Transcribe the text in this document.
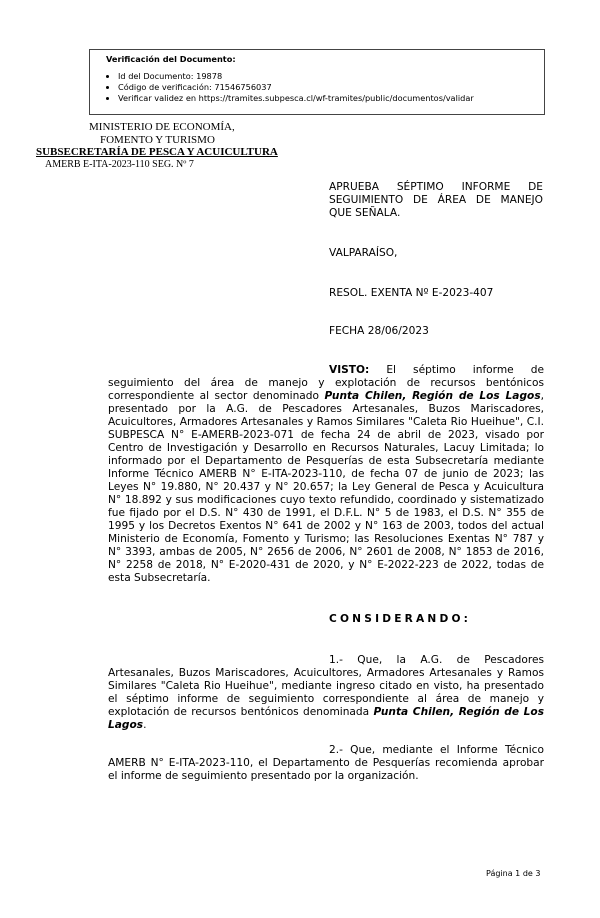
Verificación del Documento:
• Id del Documento: 19878
• Código de verificación: 71546756037
• Verificar validez en https://tramites.subpesca.cl/wf-tramites/public/documentos/validar
MINISTERIO DE ECONOMÍA,
FOMENTO Y TURISMO
SUBSECRETARÍA DE PESCA Y ACUICULTURA
AMERB E-ITA-2023-110 SEG. Nº 7
APRUEBA SÉPTIMO INFORME DE SEGUIMIENTO DE ÁREA DE MANEJO QUE SEÑALA.
VALPARAÍSO,
RESOL. EXENTA Nº E-2023-407
FECHA 28/06/2023
VISTO: El séptimo informe de seguimiento del área de manejo y explotación de recursos bentónicos correspondiente al sector denominado Punta Chilen, Región de Los Lagos, presentado por la A.G. de Pescadores Artesanales, Buzos Mariscadores, Acuicultores, Armadores Artesanales y Ramos Similares "Caleta Rio Hueihue", C.I. SUBPESCA N° E-AMERB-2023-071 de fecha 24 de abril de 2023, visado por Centro de Investigación y Desarrollo en Recursos Naturales, Lacuy Limitada; lo informado por el Departamento de Pesquerías de esta Subsecretaría mediante Informe Técnico AMERB N° E-ITA-2023-110, de fecha 07 de junio de 2023; las Leyes N° 19.880, N° 20.437 y N° 20.657; la Ley General de Pesca y Acuicultura N° 18.892 y sus modificaciones cuyo texto refundido, coordinado y sistematizado fue fijado por el D.S. N° 430 de 1991, el D.F.L. N° 5 de 1983, el D.S. N° 355 de 1995 y los Decretos Exentos N° 641 de 2002 y N° 163 de 2003, todos del actual Ministerio de Economía, Fomento y Turismo; las Resoluciones Exentas N° 787 y N° 3393, ambas de 2005, N° 2656 de 2006, N° 2601 de 2008, N° 1853 de 2016, N° 2258 de 2018, N° E-2020-431 de 2020, y N° E-2022-223 de 2022, todas de esta Subsecretaría.
CONSIDERANDO:
1.- Que, la A.G. de Pescadores Artesanales, Buzos Mariscadores, Acuicultores, Armadores Artesanales y Ramos Similares "Caleta Rio Hueihue", mediante ingreso citado en visto, ha presentado el séptimo informe de seguimiento correspondiente al área de manejo y explotación de recursos bentónicos denominada Punta Chilen, Región de Los Lagos.
2.- Que, mediante el Informe Técnico AMERB N° E-ITA-2023-110, el Departamento de Pesquerías recomienda aprobar el informe de seguimiento presentado por la organización.
Página 1 de 3
